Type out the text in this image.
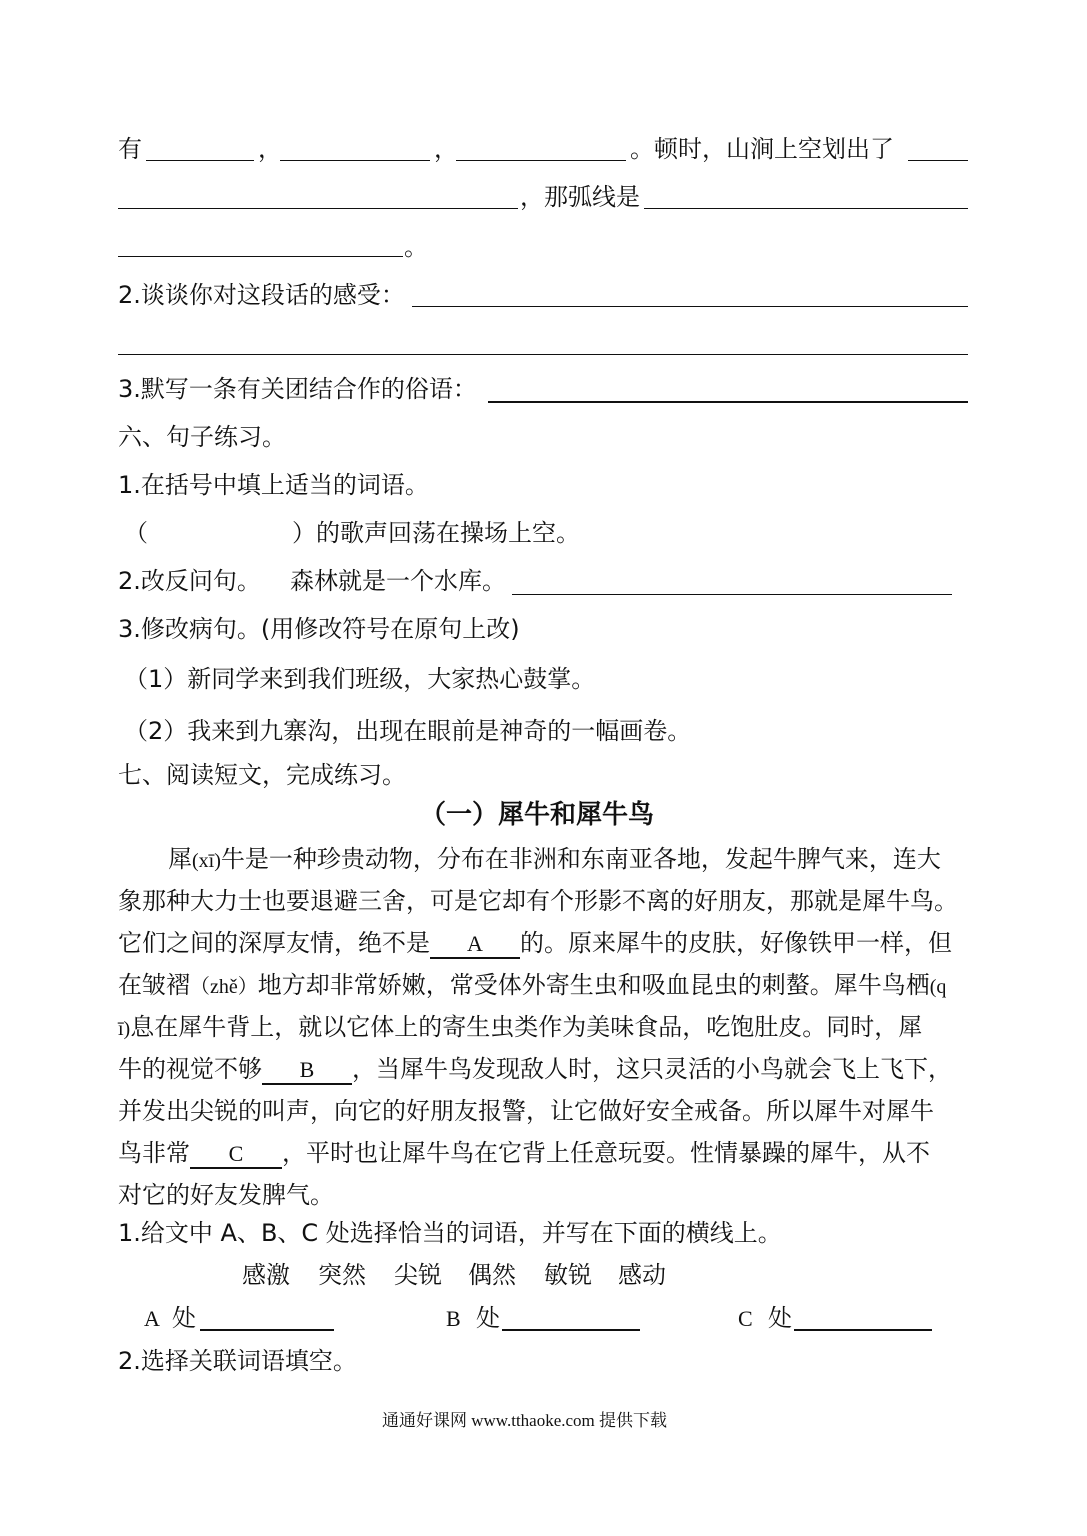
有	，	，	。顿时，山涧上空划出了
，那弧线是
。
2.谈谈你对这段话的感受：
3.默写一条有关团结合作的俗语：
六、句子练习。
1.在括号中填上适当的词语。
（	）的歌声回荡在操场上空。
2.改反问句。 森林就是一个水库。
3.修改病句。(用修改符号在原句上改)
（1）新同学来到我们班级，大家热心鼓掌。
（2）我来到九寨沟，出现在眼前是神奇的一幅画卷。
七、阅读短文，完成练习。
（一）犀牛和犀牛鸟
犀(xī)牛是一种珍贵动物，分布在非洲和东南亚各地，发起牛脾气来，连大
象那种大力士也要退避三舍，可是它却有个形影不离的好朋友，那就是犀牛鸟。
它们之间的深厚友情，绝不是 A 的。原来犀牛的皮肤，好像铁甲一样，但
在皱褶（zhě）地方却非常娇嫩，常受体外寄生虫和吸血昆虫的刺螯。犀牛鸟栖(q
ī)息在犀牛背上，就以它体上的寄生虫类作为美味食品，吃饱肚皮。同时，犀
牛的视觉不够 B ，当犀牛鸟发现敌人时，这只灵活的小鸟就会飞上飞下，
并发出尖锐的叫声，向它的好朋友报警，让它做好安全戒备。所以犀牛对犀牛
鸟非常 C ，平时也让犀牛鸟在它背上任意玩耍。性情暴躁的犀牛，从不
对它的好友发脾气。
1.给文中 A、B、C 处选择恰当的词语，并写在下面的横线上。
感激 突然 尖锐 偶然 敏锐 感动
A 处	B 处	C 处
2.选择关联词语填空。
通通好课网 www.tthaoke.com 提供下载
